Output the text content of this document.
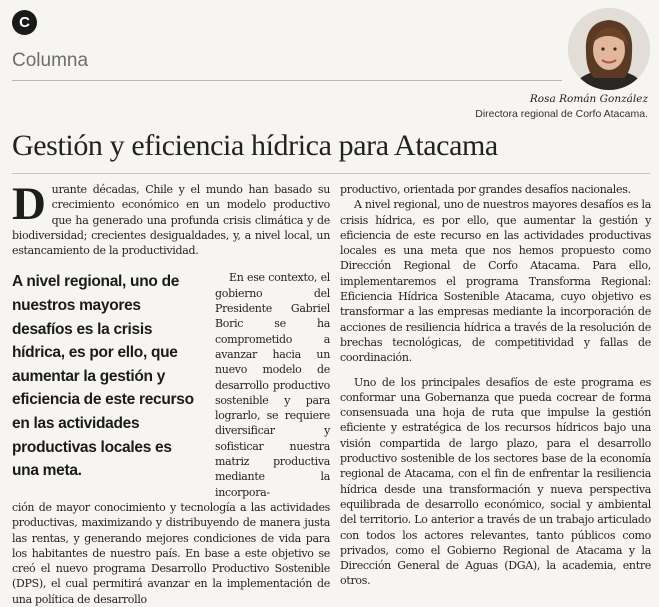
C
Columna
Rosa Román González
Directora regional de Corfo Atacama.
Gestión y eficiencia hídrica para Atacama

Durante décadas, Chile y el mundo han basado su crecimiento económico en un modelo productivo que ha generado una profunda crisis climática y de biodiversidad; crecientes desigualdades, y, a nivel local, un estancamiento de la productividad.

A nivel regional, uno de nuestros mayores desafíos es la crisis hídrica, es por ello, que aumentar la gestión y eficiencia de este recurso en las actividades productivas locales es una meta.

En ese contexto, el gobierno del Presidente Gabriel Boric se ha comprometido a avanzar hacia un nuevo modelo de desarrollo productivo sostenible y para lograrlo, se requiere diversificar y sofisticar nuestra matriz productiva mediante la incorpora-

ción de mayor conocimiento y tecnología a las actividades productivas, maximizando y distribuyendo de manera justa las rentas, y generando mejores condiciones de vida para los habitantes de nuestro país. En base a este objetivo se creó el nuevo programa Desarrollo Productivo Sostenible (DPS), el cual permitirá avanzar en la implementación de una política de desarrollo

productivo, orientada por grandes desafíos nacionales.

A nivel regional, uno de nuestros mayores desafíos es la crisis hídrica, es por ello, que aumentar la gestión y eficiencia de este recurso en las actividades productivas locales es una meta que nos hemos propuesto como Dirección Regional de Corfo Atacama. Para ello, implementaremos el programa Transforma Regional: Eficiencia Hídrica Sostenible Atacama, cuyo objetivo es transformar a las empresas mediante la incorporación de acciones de resiliencia hídrica a través de la resolución de brechas tecnológicas, de competitividad y fallas de coordinación.

Uno de los principales desafíos de este programa es conformar una Gobernanza que pueda cocrear de forma consensuada una hoja de ruta que impulse la gestión eficiente y estratégica de los recursos hídricos bajo una visión compartida de largo plazo, para el desarrollo productivo sostenible de los sectores base de la economía regional de Atacama, con el fin de enfrentar la resiliencia hídrica desde una transformación y nueva perspectiva equilibrada de desarrollo económico, social y ambiental del territorio. Lo anterior a través de un trabajo articulado con todos los actores relevantes, tanto públicos como privados, como el Gobierno Regional de Atacama y la Dirección General de Aguas (DGA), la academia, entre otros.
